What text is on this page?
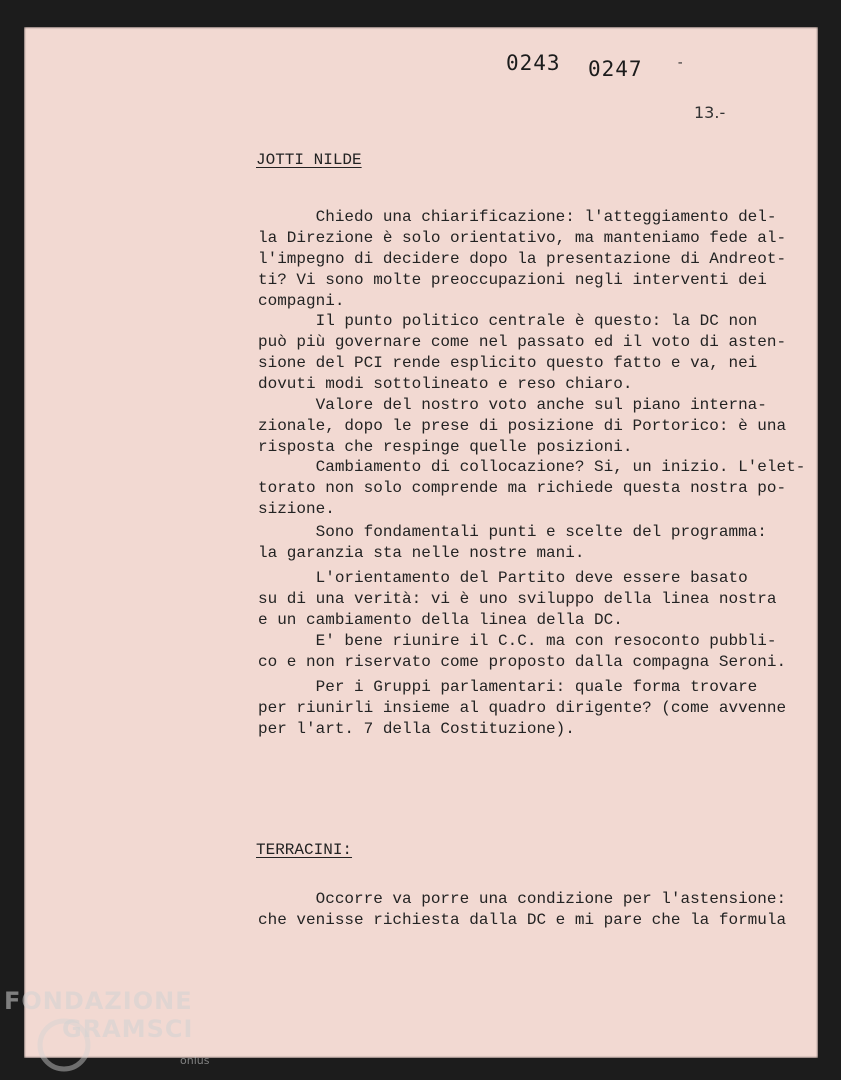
0243 0247 -
13.-
JOTTI NILDE
Chiedo una chiarificazione: l'atteggiamento del-
la Direzione è solo orientativo, ma manteniamo fede al-
l'impegno di decidere dopo la presentazione di Andreot-
ti? Vi sono molte preoccupazioni negli interventi dei
compagni.
Il punto politico centrale è questo: la DC non
può più governare come nel passato ed il voto di asten-
sione del PCI rende esplicito questo fatto e va, nei
dovuti modi sottolineato e reso chiaro.
Valore del nostro voto anche sul piano interna-
zionale, dopo le prese di posizione di Portorico: è una
risposta che respinge quelle posizioni.
Cambiamento di collocazione? Si, un inizio. L'elet-
torato non solo comprende ma richiede questa nostra po-
sizione.
Sono fondamentali punti e scelte del programma:
la garanzia sta nelle nostre mani.
L'orientamento del Partito deve essere basato
su di una verità: vi è uno sviluppo della linea nostra
e un cambiamento della linea della DC.
E' bene riunire il C.C. ma con resoconto pubbli-
co e non riservato come proposto dalla compagna Seroni.
Per i Gruppi parlamentari: quale forma trovare
per riunirli insieme al quadro dirigente? (come avvenne
per l'art. 7 della Costituzione).
TERRACINI:
Occorre va porre una condizione per l'astensione:
che venisse richiesta dalla DC e mi pare che la formula
FONDAZIONE
GRAMSCI
onlus
